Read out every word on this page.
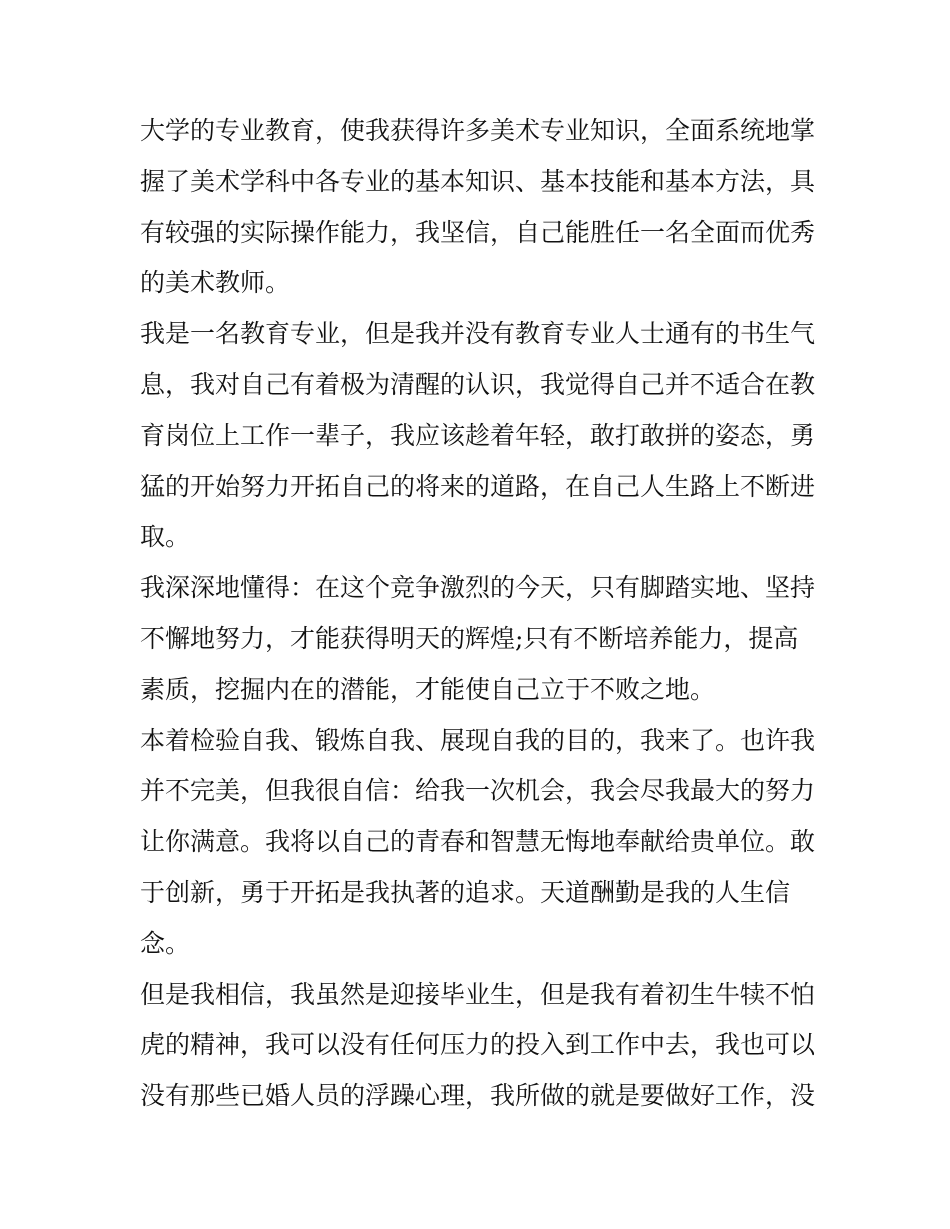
大学的专业教育，使我获得许多美术专业知识，全面系统地掌
握了美术学科中各专业的基本知识、基本技能和基本方法，具
有较强的实际操作能力，我坚信，自己能胜任一名全面而优秀
的美术教师。
我是一名教育专业，但是我并没有教育专业人士通有的书生气
息，我对自己有着极为清醒的认识，我觉得自己并不适合在教
育岗位上工作一辈子，我应该趁着年轻，敢打敢拼的姿态，勇
猛的开始努力开拓自己的将来的道路，在自己人生路上不断进
取。
我深深地懂得：在这个竞争激烈的今天，只有脚踏实地、坚持
不懈地努力，才能获得明天的辉煌;只有不断培养能力，提高
素质，挖掘内在的潜能，才能使自己立于不败之地。
本着检验自我、锻炼自我、展现自我的目的，我来了。也许我
并不完美，但我很自信：给我一次机会，我会尽我最大的努力
让你满意。我将以自己的青春和智慧无悔地奉献给贵单位。敢
于创新，勇于开拓是我执著的追求。天道酬勤是我的人生信
念。
但是我相信，我虽然是迎接毕业生，但是我有着初生牛犊不怕
虎的精神，我可以没有任何压力的投入到工作中去，我也可以
没有那些已婚人员的浮躁心理，我所做的就是要做好工作，没
